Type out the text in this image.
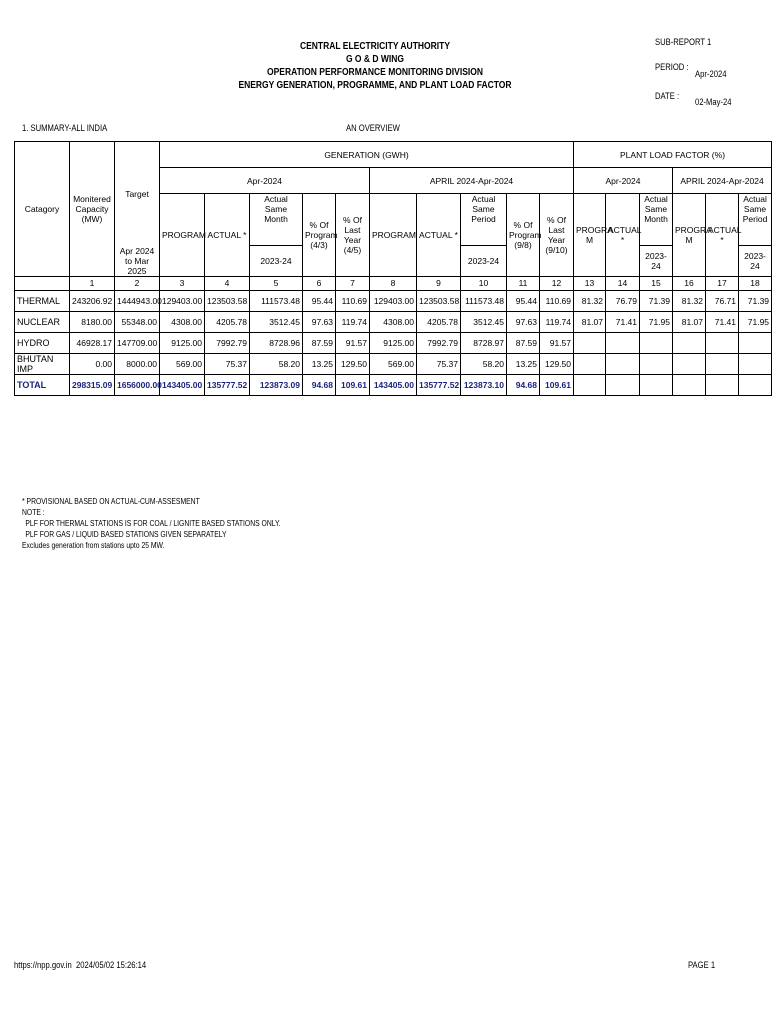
CENTRAL ELECTRICITY AUTHORITY
G O & D WING
OPERATION PERFORMANCE MONITORING DIVISION
ENERGY GENERATION, PROGRAMME, AND PLANT LOAD FACTOR
SUB-REPORT 1
PERIOD :
Apr-2024
DATE :
02-May-24
1. SUMMARY-ALL INDIA	AN OVERVIEW
Catagory	Monitered Capacity (MW)	Target	GENERATION (GWH)										PLANT LOAD FACTOR (%)					
			Apr-2024					APRIL 2024-Apr-2024					Apr-2024			APRIL 2024-Apr-2024		
			PROGRAM	ACTUAL *	Actual Same Month	% Of Program (4/3)	% Of Last Year (4/5)	PROGRAM	ACTUAL *	Actual Same Period	% Of Program (9/8)	% Of Last Year (9/10)	PROGRA M	ACTUAL *	Actual Same Month	PROGRA M	ACTUAL *	Actual Same Period
		Apr 2024 to Mar 2025																
					2023-24					2023-24					2023-24			2023-24
	1	2	3	4	5	6	7	8	9	10	11	12	13	14	15	16	17	18
THERMAL	243206.92	1444943.00	129403.00	123503.58	111573.48	95.44	110.69	129403.00	123503.58	111573.48	95.44	110.69	81.32	76.79	71.39	81.32	76.71	71.39
NUCLEAR	8180.00	55348.00	4308.00	4205.78	3512.45	97.63	119.74	4308.00	4205.78	3512.45	97.63	119.74	81.07	71.41	71.95	81.07	71.41	71.95
HYDRO	46928.17	147709.00	9125.00	7992.79	8728.96	87.59	91.57	9125.00	7992.79	8728.97	87.59	91.57						
BHUTAN IMP	0.00	8000.00	569.00	75.37	58.20	13.25	129.50	569.00	75.37	58.20	13.25	129.50						
TOTAL	298315.09	1656000.00	143405.00	135777.52	123873.09	94.68	109.61	143405.00	135777.52	123873.10	94.68	109.61						
* PROVISIONAL BASED ON ACTUAL-CUM-ASSESMENT
NOTE :
PLF FOR THERMAL STATIONS IS FOR COAL / LIGNITE BASED STATIONS ONLY.
PLF FOR GAS / LIQUID BASED STATIONS GIVEN SEPARATELY
Excludes generation from stations upto 25 MW.
https://npp.gov.in 2024/05/02 15:26:14	PAGE 1
